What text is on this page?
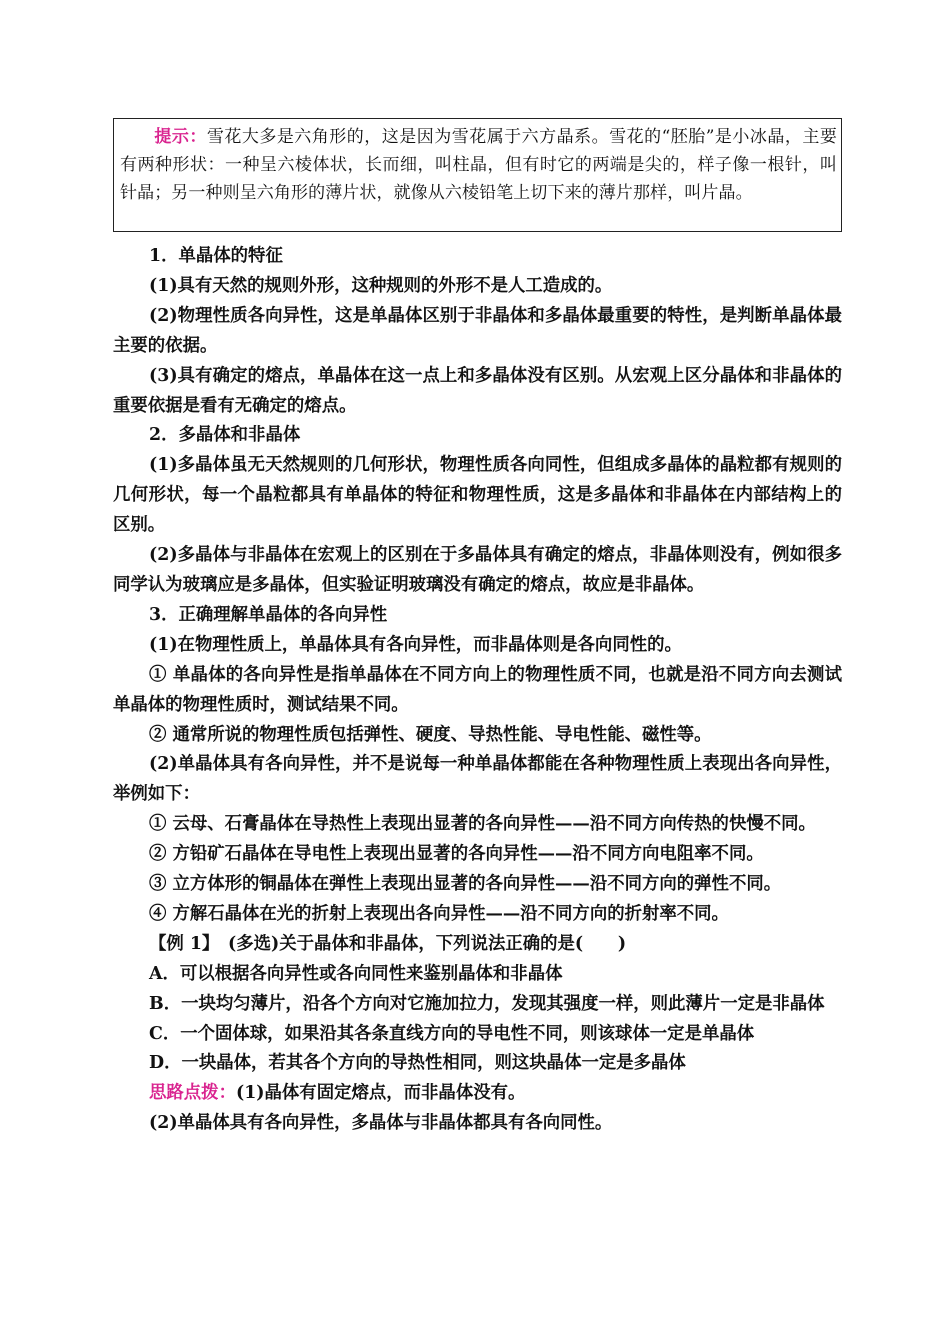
提示：雪花大多是六角形的，这是因为雪花属于六方晶系。雪花的“胚胎”是小冰晶，主要有两种形状：一种呈六棱体状，长而细，叫柱晶，但有时它的两端是尖的，样子像一根针，叫针晶；另一种则呈六角形的薄片状，就像从六棱铅笔上切下来的薄片那样，叫片晶。

1．单晶体的特征

(1)具有天然的规则外形，这种规则的外形不是人工造成的。

(2)物理性质各向异性，这是单晶体区别于非晶体和多晶体最重要的特性，是判断单晶体最主要的依据。

(3)具有确定的熔点，单晶体在这一点上和多晶体没有区别。从宏观上区分晶体和非晶体的重要依据是看有无确定的熔点。

2．多晶体和非晶体

(1)多晶体虽无天然规则的几何形状，物理性质各向同性，但组成多晶体的晶粒都有规则的几何形状，每一个晶粒都具有单晶体的特征和物理性质，这是多晶体和非晶体在内部结构上的区别。

(2)多晶体与非晶体在宏观上的区别在于多晶体具有确定的熔点，非晶体则没有，例如很多同学认为玻璃应是多晶体，但实验证明玻璃没有确定的熔点，故应是非晶体。

3．正确理解单晶体的各向异性

(1)在物理性质上，单晶体具有各向异性，而非晶体则是各向同性的。

① 单晶体的各向异性是指单晶体在不同方向上的物理性质不同，也就是沿不同方向去测试单晶体的物理性质时，测试结果不同。

② 通常所说的物理性质包括弹性、硬度、导热性能、导电性能、磁性等。

(2)单晶体具有各向异性，并不是说每一种单晶体都能在各种物理性质上表现出各向异性，举例如下：

① 云母、石膏晶体在导热性上表现出显著的各向异性——沿不同方向传热的快慢不同。

② 方铅矿石晶体在导电性上表现出显著的各向异性——沿不同方向电阻率不同。

③ 立方体形的铜晶体在弹性上表现出显著的各向异性——沿不同方向的弹性不同。

④ 方解石晶体在光的折射上表现出各向异性——沿不同方向的折射率不同。

【例 1】　(多选)关于晶体和非晶体，下列说法正确的是(　　)

A．可以根据各向异性或各向同性来鉴别晶体和非晶体

B．一块均匀薄片，沿各个方向对它施加拉力，发现其强度一样，则此薄片一定是非晶体

C．一个固体球，如果沿其各条直线方向的导电性不同，则该球体一定是单晶体

D．一块晶体，若其各个方向的导热性相同，则这块晶体一定是多晶体

思路点拨：(1)晶体有固定熔点，而非晶体没有。

(2)单晶体具有各向异性，多晶体与非晶体都具有各向同性。
